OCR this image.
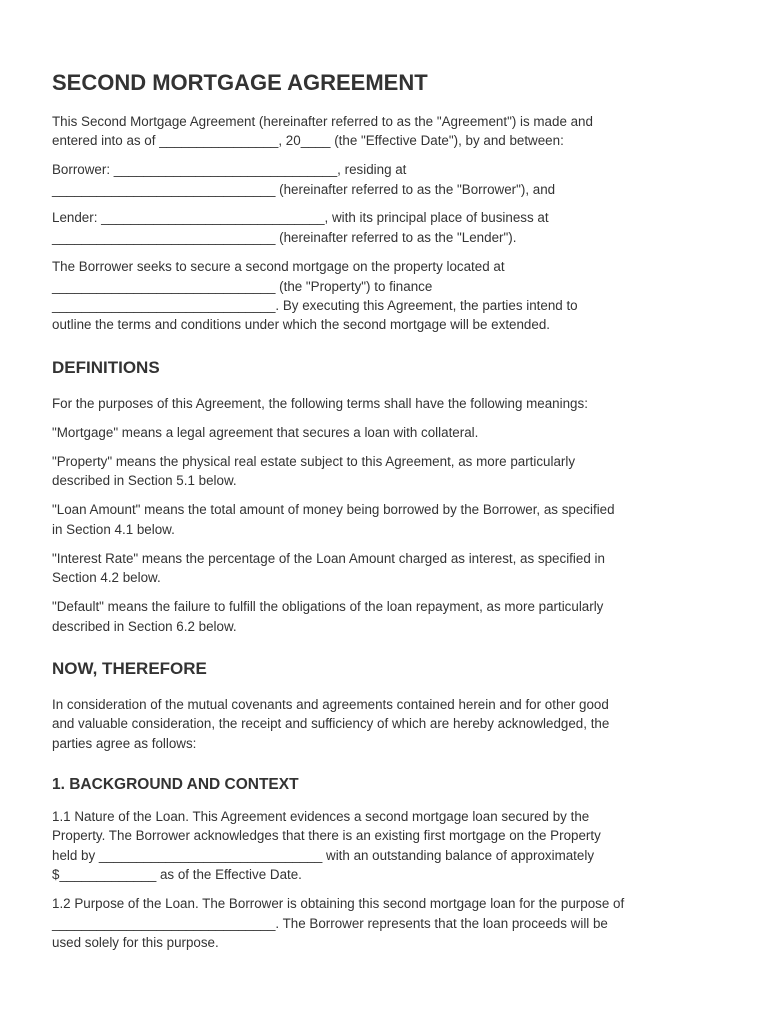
SECOND MORTGAGE AGREEMENT

This Second Mortgage Agreement (hereinafter referred to as the "Agreement") is made and

entered into as of ________________, 20____ (the "Effective Date"), by and between:

Borrower: ______________________________, residing at

______________________________ (hereinafter referred to as the "Borrower"), and

Lender: ______________________________, with its principal place of business at

______________________________ (hereinafter referred to as the "Lender").

The Borrower seeks to secure a second mortgage on the property located at

______________________________ (the "Property") to finance

______________________________. By executing this Agreement, the parties intend to

outline the terms and conditions under which the second mortgage will be extended.

DEFINITIONS

For the purposes of this Agreement, the following terms shall have the following meanings:

"Mortgage" means a legal agreement that secures a loan with collateral.

"Property" means the physical real estate subject to this Agreement, as more particularly

described in Section 5.1 below.

"Loan Amount" means the total amount of money being borrowed by the Borrower, as specified

in Section 4.1 below.

"Interest Rate" means the percentage of the Loan Amount charged as interest, as specified in

Section 4.2 below.

"Default" means the failure to fulfill the obligations of the loan repayment, as more particularly

described in Section 6.2 below.

NOW, THEREFORE

In consideration of the mutual covenants and agreements contained herein and for other good

and valuable consideration, the receipt and sufficiency of which are hereby acknowledged, the

parties agree as follows:

1. BACKGROUND AND CONTEXT

1.1 Nature of the Loan. This Agreement evidences a second mortgage loan secured by the

Property. The Borrower acknowledges that there is an existing first mortgage on the Property

held by ______________________________ with an outstanding balance of approximately

$_____________ as of the Effective Date.

1.2 Purpose of the Loan. The Borrower is obtaining this second mortgage loan for the purpose of

______________________________. The Borrower represents that the loan proceeds will be

used solely for this purpose.
